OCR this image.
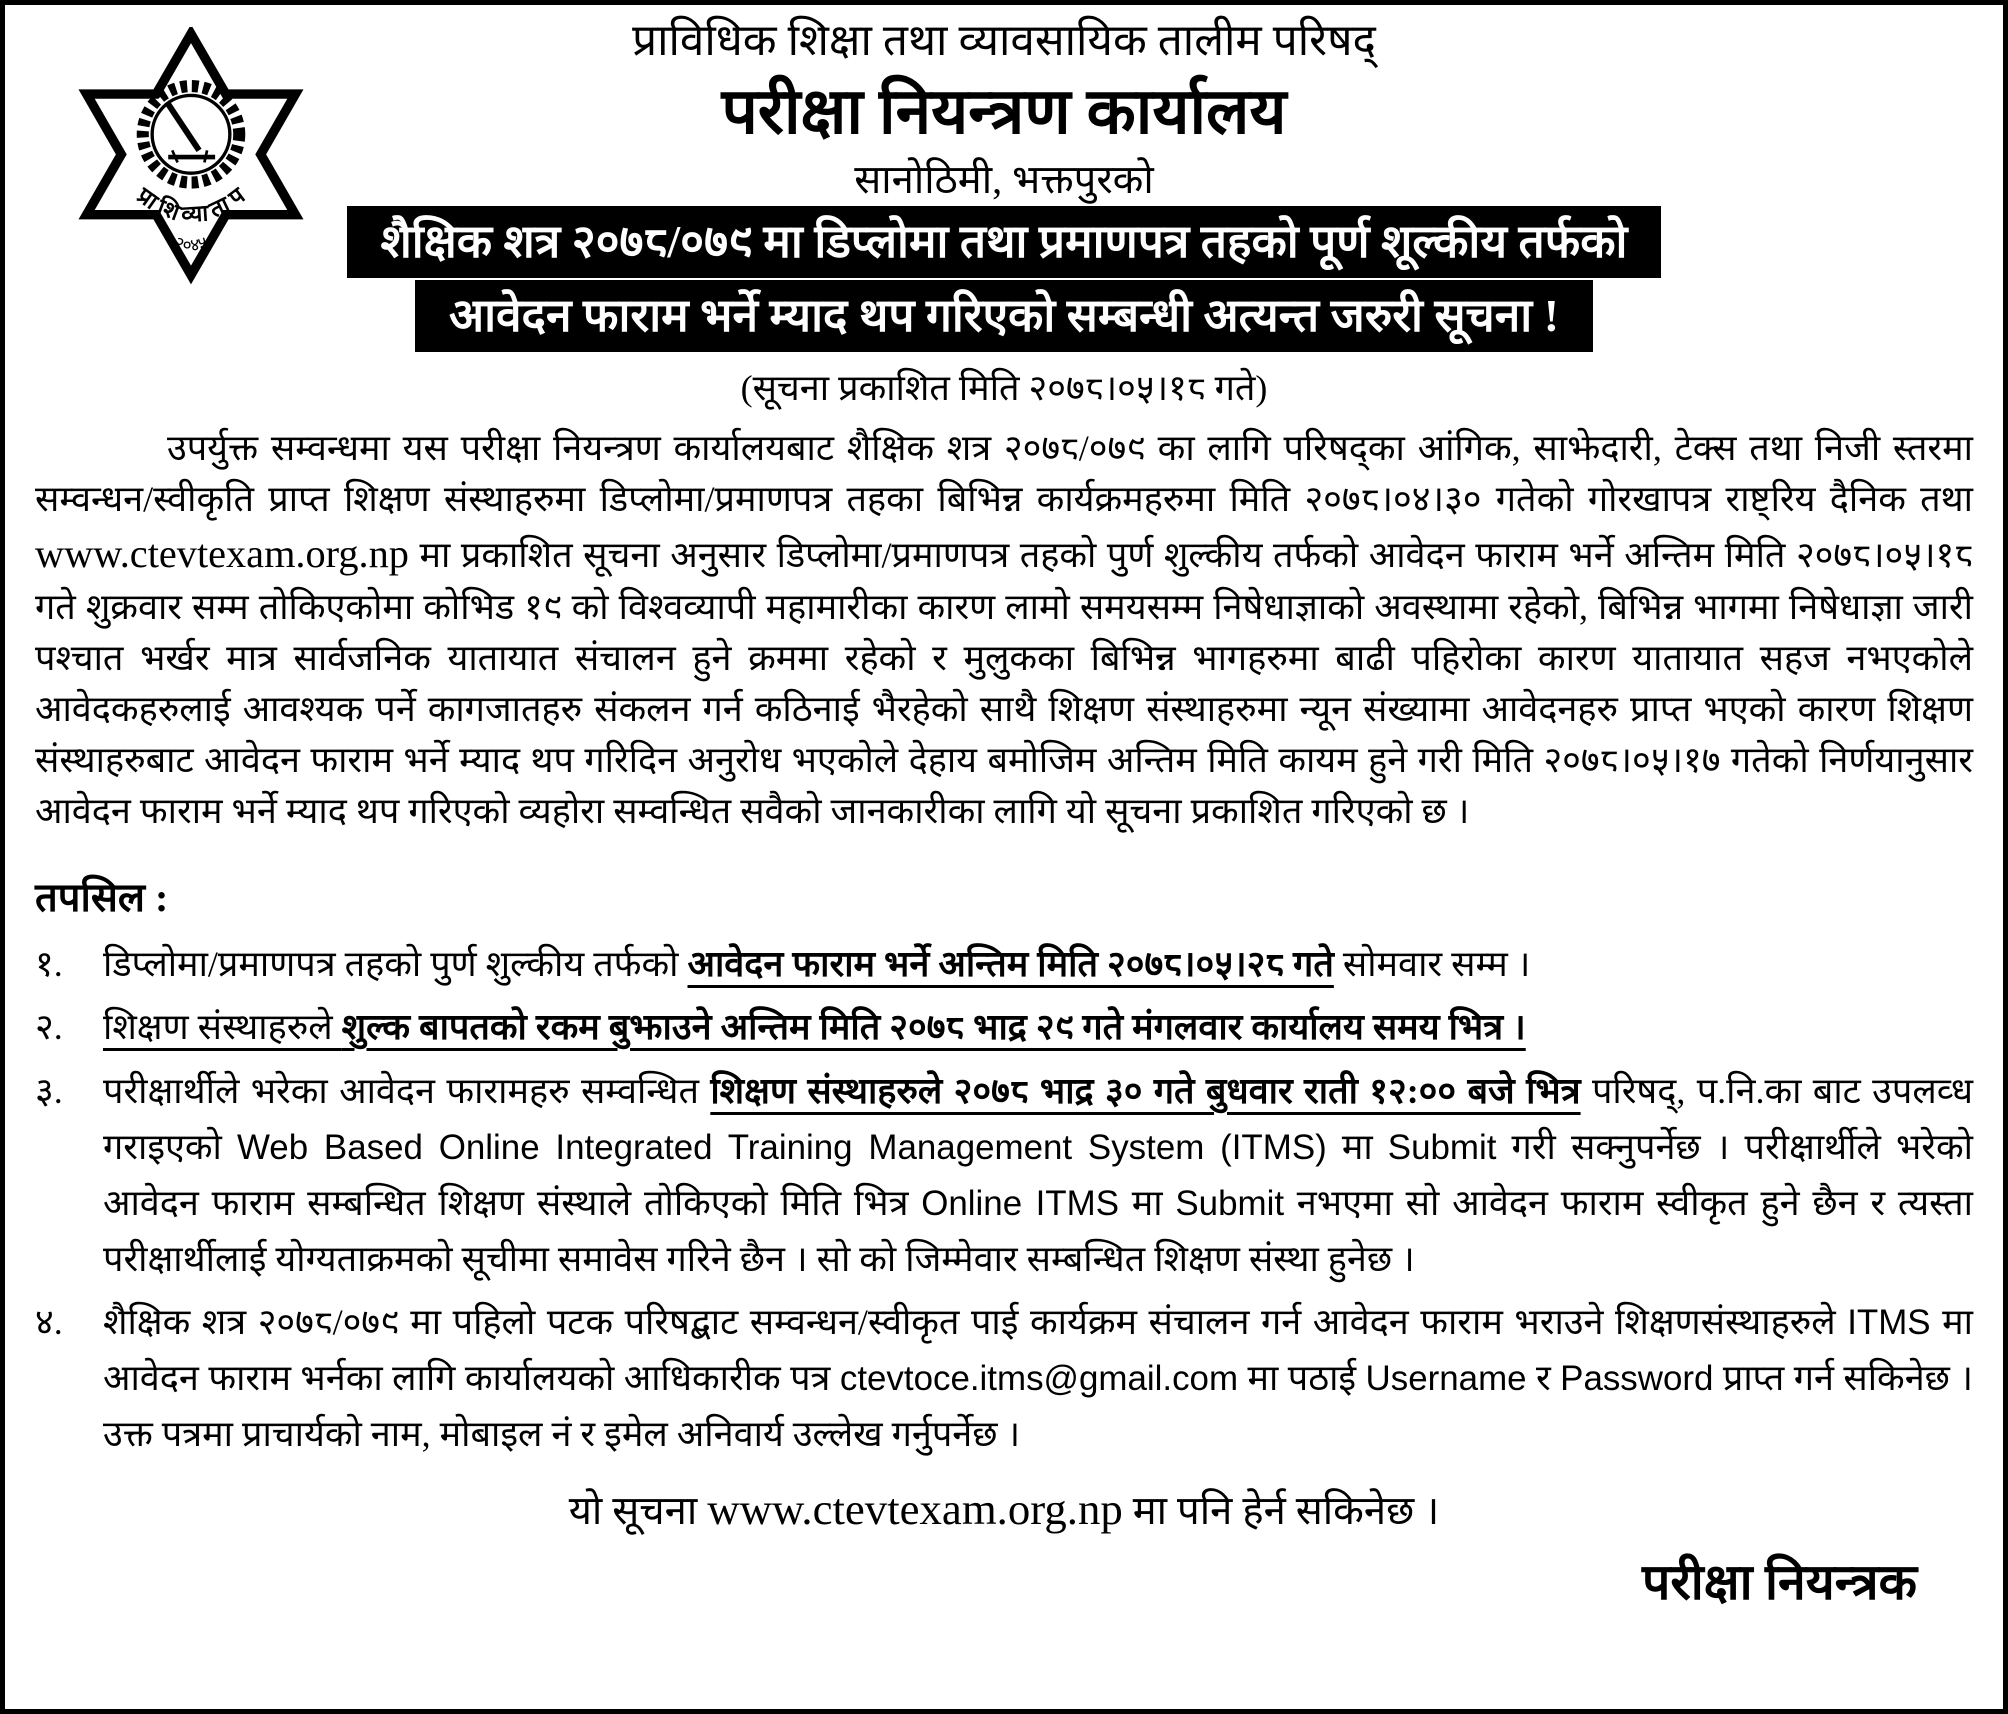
प्रा शि व्या ता प
२०४५
प्राविधिक शिक्षा तथा व्यावसायिक तालीम परिषद्
परीक्षा नियन्त्रण कार्यालय
सानोठिमी, भक्तपुरको
शैक्षिक शत्र २०७८/०७९ मा डिप्लोमा तथा प्रमाणपत्र तहको पूर्ण शूल्कीय तर्फको
आवेदन फाराम भर्ने म्याद थप गरिएको सम्बन्धी अत्यन्त जरुरी सूचना !
(सूचना प्रकाशित मिति २०७८।०५।१८ गते)

उपर्युक्त सम्वन्धमा यस परीक्षा नियन्त्रण कार्यालयबाट शैक्षिक शत्र २०७८/०७९ का लागि परिषद्का आंगिक, साझेदारी, टेक्स तथा निजी स्तरमा सम्वन्धन/स्वीकृति प्राप्त शिक्षण संस्थाहरुमा डिप्लोमा/प्रमाणपत्र तहका बिभिन्न कार्यक्रमहरुमा मिति २०७८।०४।३० गतेको गोरखापत्र राष्ट्रिय दैनिक तथा www.ctevtexam.org.np मा प्रकाशित सूचना अनुसार डिप्लोमा/प्रमाणपत्र तहको पुर्ण शुल्कीय तर्फको आवेदन फाराम भर्ने अन्तिम मिति २०७८।०५।१८ गते शुक्रवार सम्म तोकिएकोमा कोभिड १९ को विश्वव्यापी महामारीका कारण लामो समयसम्म निषेधाज्ञाको अवस्थामा रहेको, बिभिन्न भागमा निषेधाज्ञा जारी पश्चात भर्खर मात्र सार्वजनिक यातायात संचालन हुने क्रममा रहेको र मुलुकका बिभिन्न भागहरुमा बाढी पहिरोका कारण यातायात सहज नभएकोले आवेदकहरुलाई आवश्यक पर्ने कागजातहरु संकलन गर्न कठिनाई भैरहेको साथै शिक्षण संस्थाहरुमा न्यून संख्यामा आवेदनहरु प्राप्त भएको कारण शिक्षण संस्थाहरुबाट आवेदन फाराम भर्ने म्याद थप गरिदिन अनुरोध भएकोले देहाय बमोजिम अन्तिम मिति कायम हुने गरी मिति २०७८।०५।१७ गतेको निर्णयानुसार आवेदन फाराम भर्ने म्याद थप गरिएको व्यहोरा सम्वन्धित सवैको जानकारीका लागि यो सूचना प्रकाशित गरिएको छ ।

तपसिल :
१.	डिप्लोमा/प्रमाणपत्र तहको पुर्ण शुल्कीय तर्फको आवेदन फाराम भर्ने अन्तिम मिति २०७८।०५।२८ गते सोमवार सम्म ।
२.	शिक्षण संस्थाहरुले शुल्क बापतको रकम बुझाउने अन्तिम मिति २०७८ भाद्र २९ गते मंगलवार कार्यालय समय भित्र ।
३.	परीक्षार्थीले भरेका आवेदन फारामहरु सम्वन्धित शिक्षण संस्थाहरुले २०७८ भाद्र ३० गते बुधवार राती १२:०० बजे भित्र परिषद्, प.नि.का बाट उपलव्ध गराइएको Web Based Online Integrated Training Management System (ITMS) मा Submit गरी सक्नुपर्नेछ । परीक्षार्थीले भरेको आवेदन फाराम सम्बन्धित शिक्षण संस्थाले तोकिएको मिति भित्र Online ITMS मा Submit नभएमा सो आवेदन फाराम स्वीकृत हुने छैन र त्यस्ता परीक्षार्थीलाई योग्यताक्रमको सूचीमा समावेस गरिने छैन । सो को जिम्मेवार सम्बन्धित शिक्षण संस्था हुनेछ ।
४.	शैक्षिक शत्र २०७८/०७९ मा पहिलो पटक परिषद्बाट सम्वन्धन/स्वीकृत पाई कार्यक्रम संचालन गर्न आवेदन फाराम भराउने शिक्षणसंस्थाहरुले ITMS मा आवेदन फाराम भर्नका लागि कार्यालयको आधिकारीक पत्र ctevtoce.itms@gmail.com मा पठाई Username र Password प्राप्त गर्न सकिनेछ । उक्त पत्रमा प्राचार्यको नाम, मोबाइल नं र इमेल अनिवार्य उल्लेख गर्नुपर्नेछ ।
यो सूचना www.ctevtexam.org.np मा पनि हेर्न सकिनेछ ।
परीक्षा नियन्त्रक
